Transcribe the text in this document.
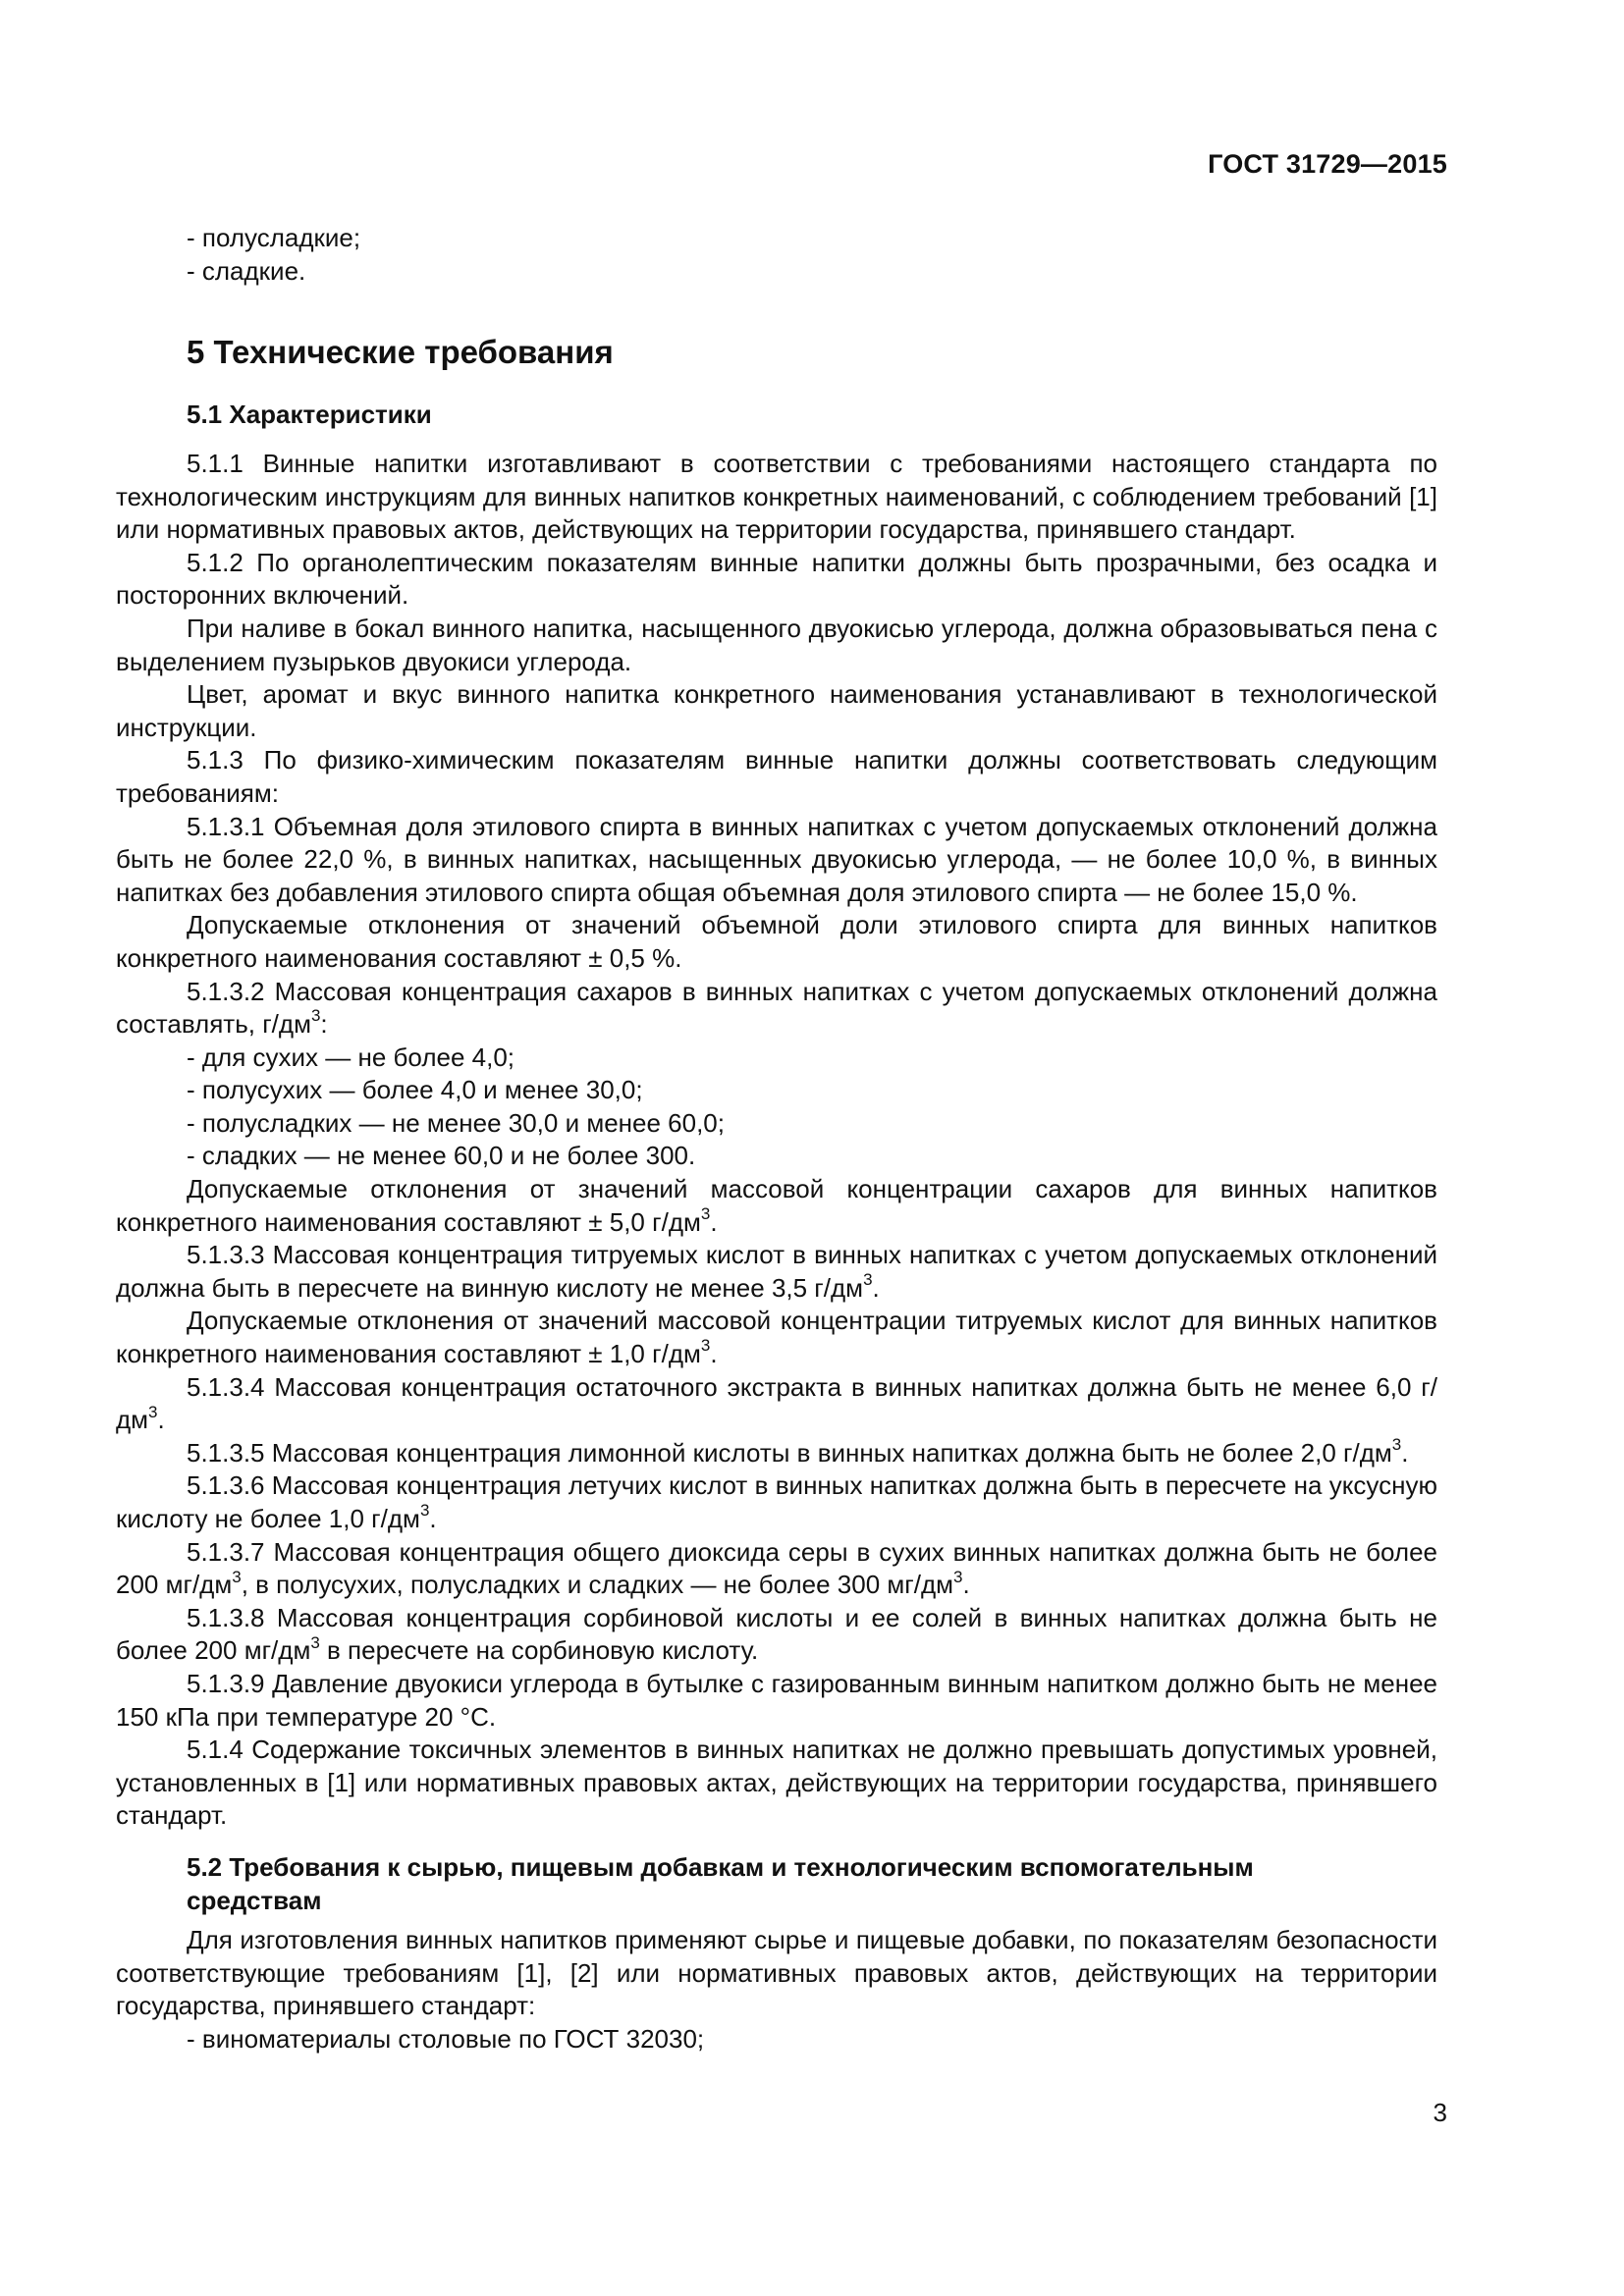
ГОСТ 31729—2015
- полусладкие;
- сладкие.
5 Технические требования
5.1 Характеристики

5.1.1 Винные напитки изготавливают в соответствии с требованиями настоящего стандарта по технологическим инструкциям для винных напитков конкретных наименований, с соблюдением требований [1] или нормативных правовых актов, действующих на территории государства, принявшего стандарт.

5.1.2 По органолептическим показателям винные напитки должны быть прозрачными, без осадка и посторонних включений.

При наливе в бокал винного напитка, насыщенного двуокисью углерода, должна образовываться пена с выделением пузырьков двуокиси углерода.

Цвет, аромат и вкус винного напитка конкретного наименования устанавливают в технологической инструкции.

5.1.3 По физико-химическим показателям винные напитки должны соответствовать следующим требованиям:

5.1.3.1 Объемная доля этилового спирта в винных напитках с учетом допускаемых отклонений должна быть не более 22,0 %, в винных напитках, насыщенных двуокисью углерода, — не более 10,0 %, в винных напитках без добавления этилового спирта общая объемная доля этилового спирта — не более 15,0 %.

Допускаемые отклонения от значений объемной доли этилового спирта для винных напитков конкретного наименования составляют ± 0,5 %.

5.1.3.2 Массовая концентрация сахаров в винных напитках с учетом допускаемых отклонений должна составлять, $г/дм^3$:

- для сухих — не более 4,0;
- полусухих — более 4,0 и менее 30,0;
- полусладких — не менее 30,0 и менее 60,0;
- сладких — не менее 60,0 и не более 300.

Допускаемые отклонения от значений массовой концентрации сахаров для винных напитков конкретного наименования составляют ± 5,0 $г/дм^3$.

5.1.3.3 Массовая концентрация титруемых кислот в винных напитках с учетом допускаемых отклонений должна быть в пересчете на винную кислоту не менее 3,5 $г/дм^3$.

Допускаемые отклонения от значений массовой концентрации титруемых кислот для винных напитков конкретного наименования составляют ± 1,0 $г/дм^3$.

5.1.3.4 Массовая концентрация остаточного экстракта в винных напитках должна быть не менее 6,0 $г/дм^3$.

5.1.3.5 Массовая концентрация лимонной кислоты в винных напитках должна быть не более 2,0 $г/дм^3$.

5.1.3.6 Массовая концентрация летучих кислот в винных напитках должна быть в пересчете на уксусную кислоту не более 1,0 $г/дм^3$.

5.1.3.7 Массовая концентрация общего диоксида серы в сухих винных напитках должна быть не более 200 $мг/дм^3$, в полусухих, полусладких и сладких — не более 300 $мг/дм^3$.

5.1.3.8 Массовая концентрация сорбиновой кислоты и ее солей в винных напитках должна быть не более 200 $мг/дм^3$ в пересчете на сорбиновую кислоту.

5.1.3.9 Давление двуокиси углерода в бутылке с газированным винным напитком должно быть не менее 150 кПа при температуре 20 °С.

5.1.4 Содержание токсичных элементов в винных напитках не должно превышать допустимых уровней, установленных в [1] или нормативных правовых актах, действующих на территории государства, принявшего стандарт.

5.2 Требования к сырью, пищевым добавкам и технологическим вспомогательным средствам

Для изготовления винных напитков применяют сырье и пищевые добавки, по показателям безопасности соответствующие требованиям [1], [2] или нормативных правовых актов, действующих на территории государства, принявшего стандарт:

- виноматериалы столовые по ГОСТ 32030;
3
